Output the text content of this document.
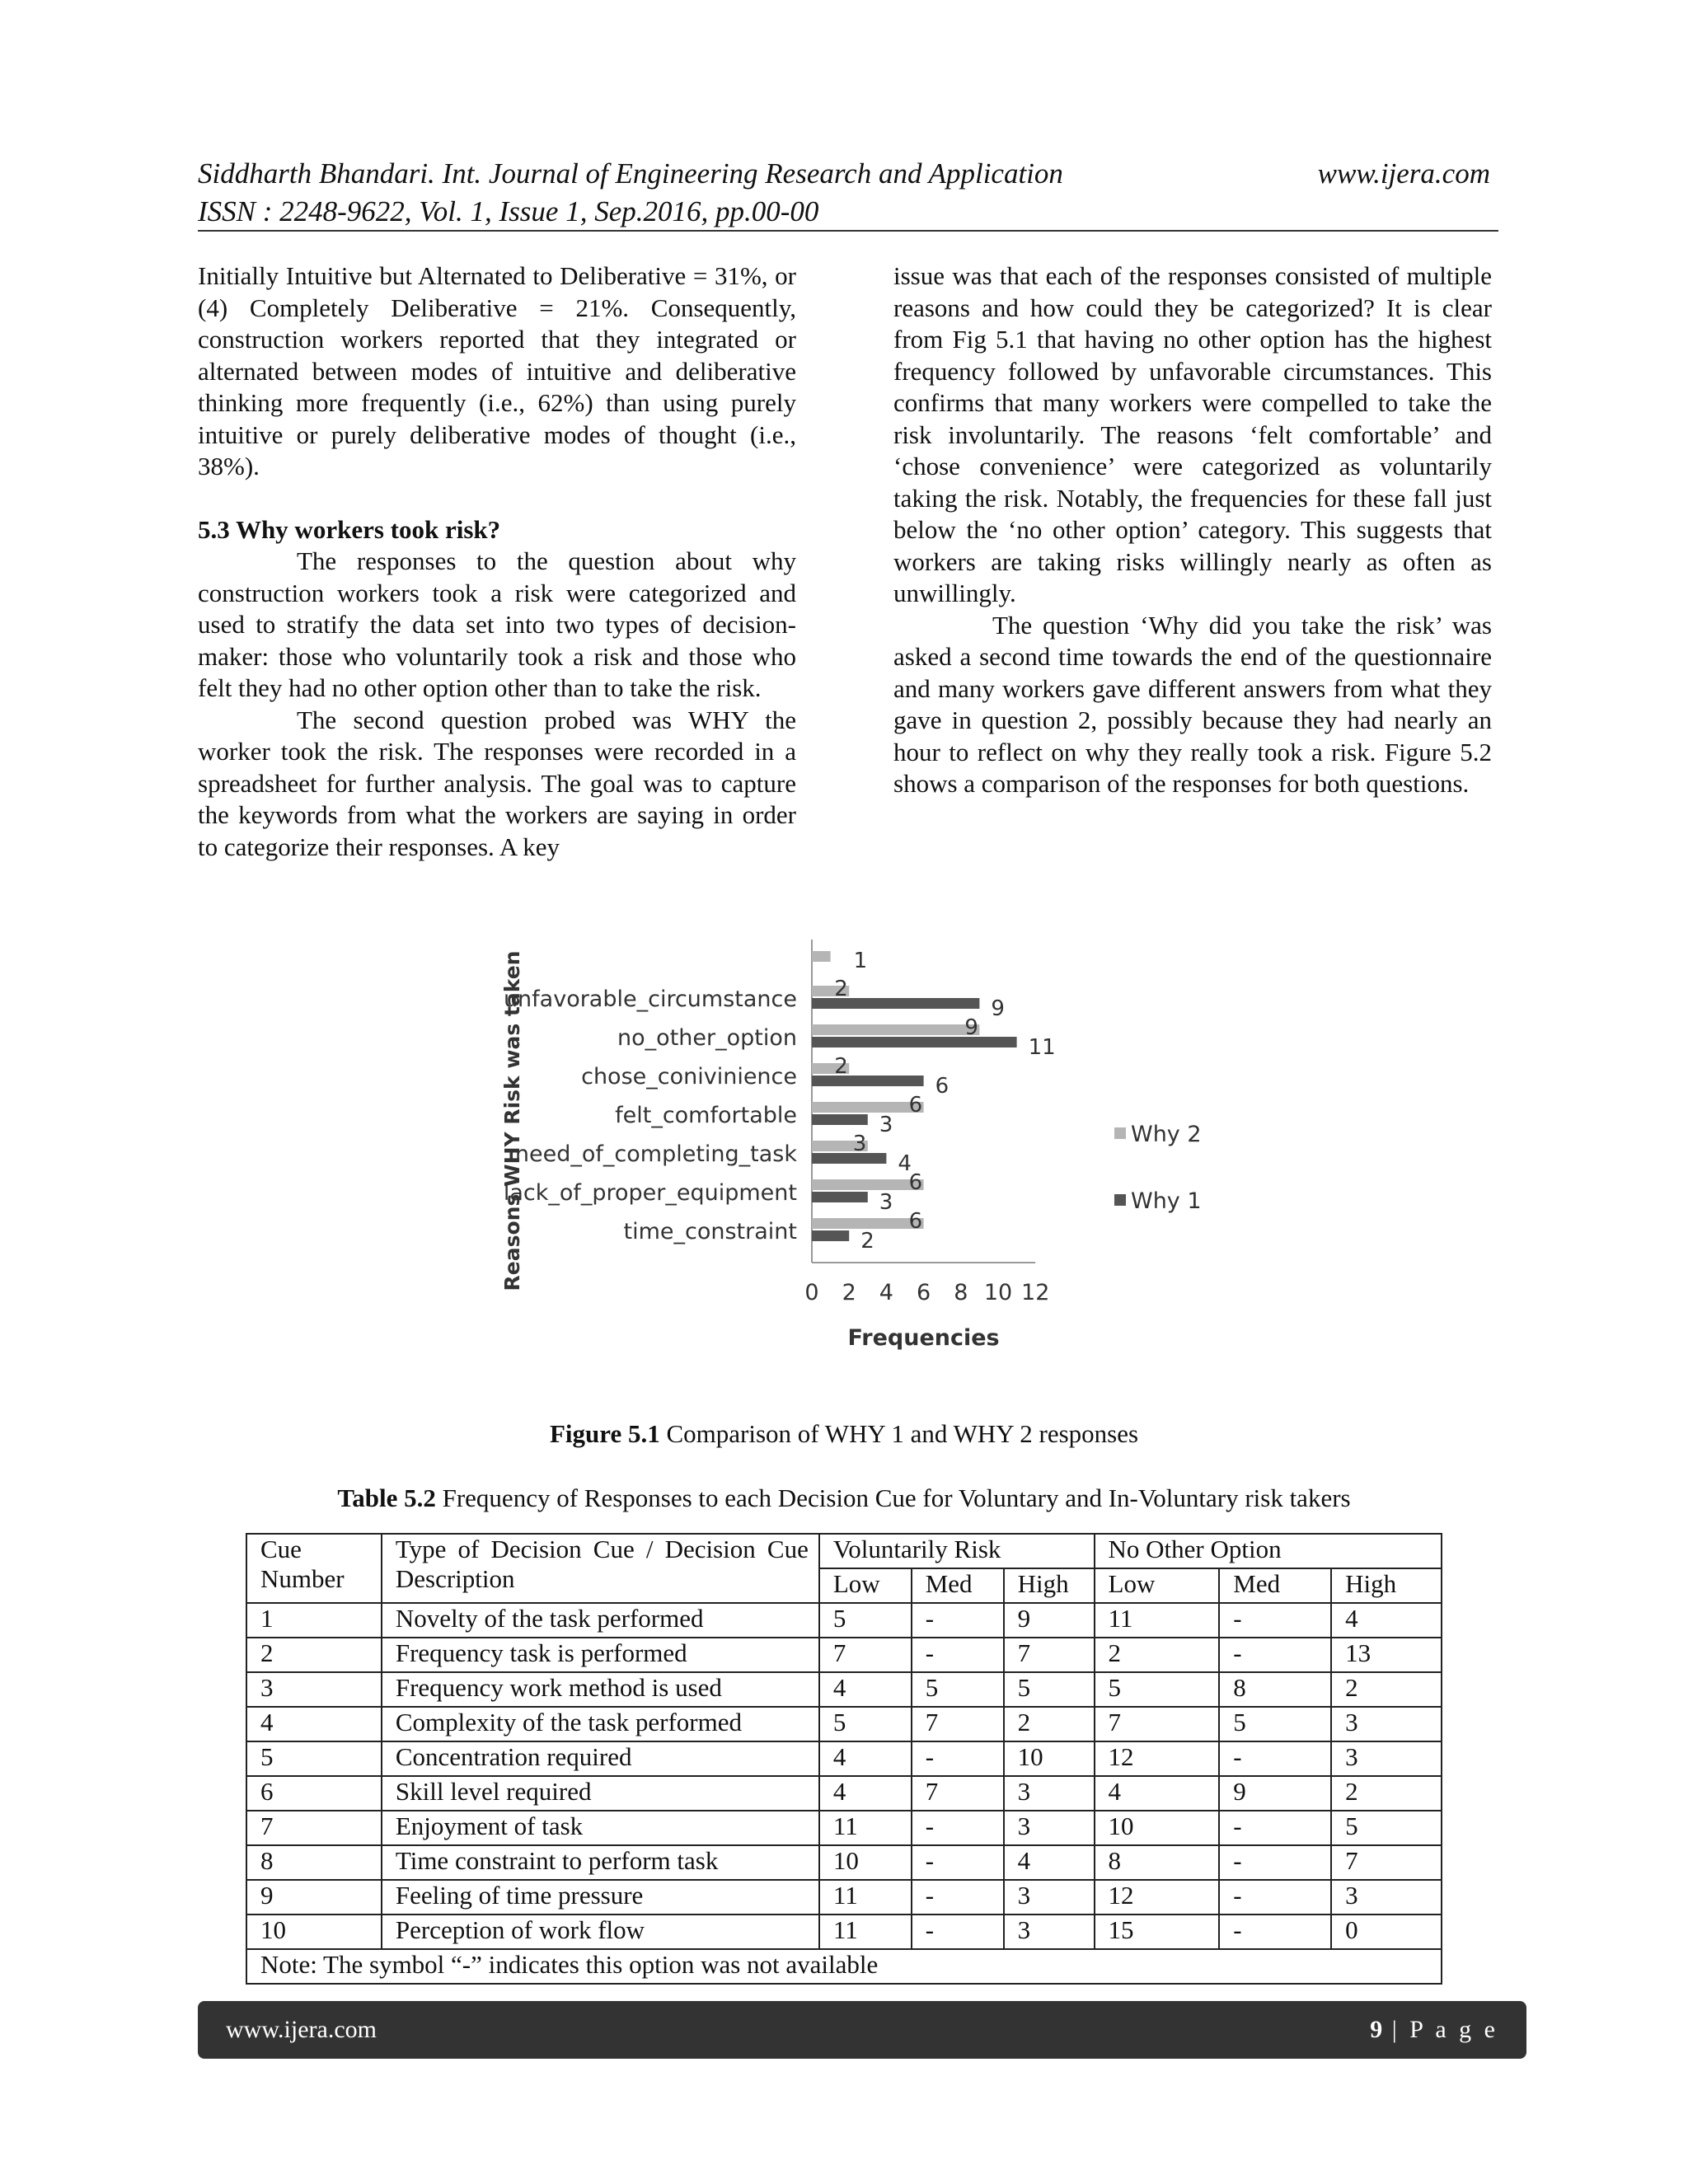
Siddharth Bhandari. Int. Journal of Engineering Research and Application	www.ijera.com
ISSN : 2248-9622, Vol. 1, Issue 1, Sep.2016, pp.00-00

Initially Intuitive but Alternated to Deliberative = 31%, or (4) Completely Deliberative = 21%. Consequently, construction workers reported that they integrated or alternated between modes of intuitive and deliberative thinking more frequently (i.e., 62%) than using purely intuitive or purely deliberative modes of thought (i.e., 38%).

5.3 Why workers took risk?

The responses to the question about why construction workers took a risk were categorized and used to stratify the data set into two types of decision-maker: those who voluntarily took a risk and those who felt they had no other option other than to take the risk.

The second question probed was WHY the worker took the risk. The responses were recorded in a spreadsheet for further analysis. The goal was to capture the keywords from what the workers are saying in order to categorize their responses. A key

issue was that each of the responses consisted of multiple reasons and how could they be categorized? It is clear from Fig 5.1 that having no other option has the highest frequency followed by unfavorable circumstances. This confirms that many workers were compelled to take the risk involuntarily. The reasons ‘felt comfortable’ and ‘chose convenience’ were categorized as voluntarily taking the risk. Notably, the frequencies for these fall just below the ‘no other option’ category. This suggests that workers are taking risks willingly nearly as often as unwillingly.

The question ‘Why did you take the risk’ was asked a second time towards the end of the questionnaire and many workers gave different answers from what they gave in question 2, possibly because they had nearly an hour to reflect on why they really took a risk. Figure 5.2 shows a comparison of the responses for both questions.

1
unfavorable_circumstance 2
9
no_other_option	9
11
chose_conivinience 2
6
felt_comfortable	6
3
need_of_completing_task	3
4
lack_of_proper_equipment	6
3
time_constraint	6
2
0 2 4 6 8 10 12
Frequencies
Reasons WHY Risk was taken	Why 2
Why 1
Figure 5.1 Comparison of WHY 1 and WHY 2 responses
Table 5.2 Frequency of Responses to each Decision Cue for Voluntary and In-Voluntary risk takers
Cue Number	Type of Decision Cue / Decision Cue Description	Voluntarily Risk			No Other Option		
		Low	Med	High	Low	Med	High
1	Novelty of the task performed	5	-	9	11	-	4
2	Frequency task is performed	7	-	7	2	-	13
3	Frequency work method is used	4	5	5	5	8	2
4	Complexity of the task performed	5	7	2	7	5	3
5	Concentration required	4	-	10	12	-	3
6	Skill level required	4	7	3	4	9	2
7	Enjoyment of task	11	-	3	10	-	5
8	Time constraint to perform task	10	-	4	8	-	7
9	Feeling of time pressure	11	-	3	12	-	3
10	Perception of work flow	11	-	3	15	-	0
Note: The symbol “-” indicates this option was not available							
www.ijera.com	9 | P a g e
